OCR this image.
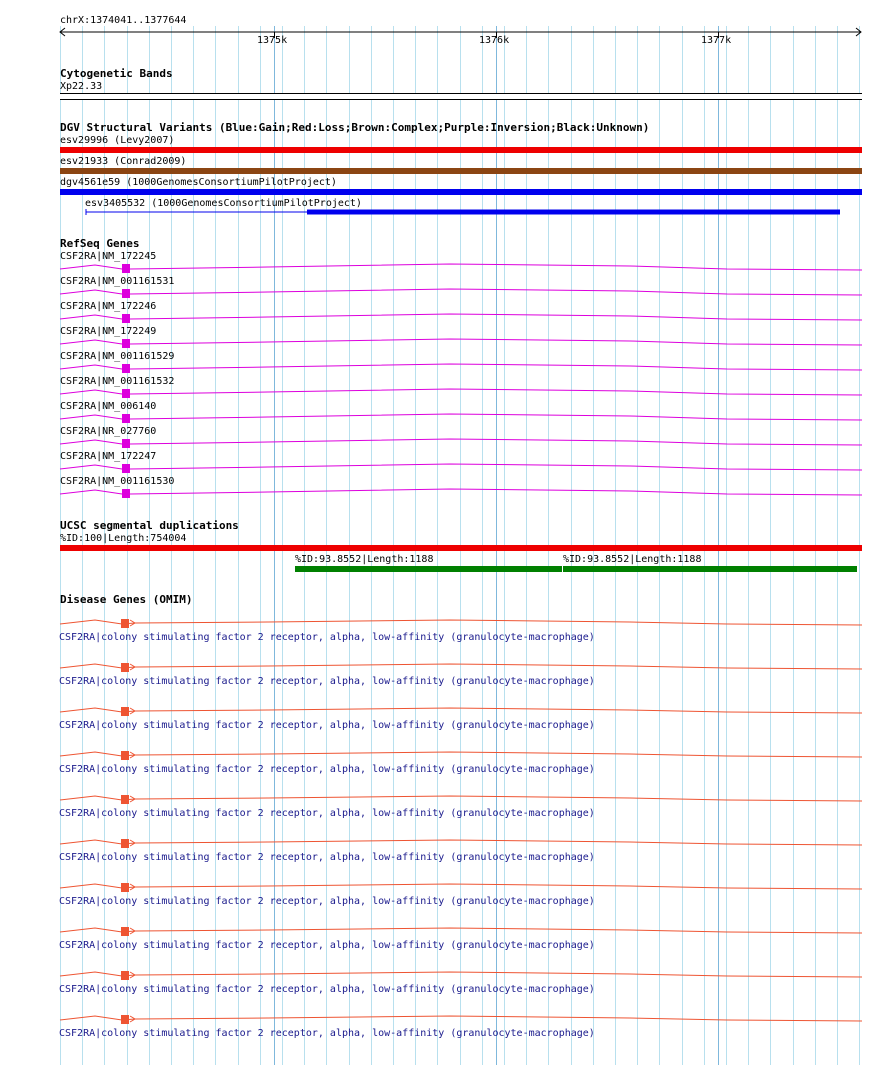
chrX:1374041..1377644
1375k	1376k	1377k
Cytogenetic Bands
Xp22.33
DGV Structural Variants (Blue:Gain;Red:Loss;Brown:Complex;Purple:Inversion;Black:Unknown)
esv29996 (Levy2007)
esv21933 (Conrad2009)
dgv4561e59 (1000GenomesConsortiumPilotProject)
esv3405532 (1000GenomesConsortiumPilotProject)
RefSeq Genes
CSF2RA|NM_172245
CSF2RA|NM_001161531
CSF2RA|NM_172246
CSF2RA|NM_172249
CSF2RA|NM_001161529
CSF2RA|NM_001161532
CSF2RA|NM_006140
CSF2RA|NR_027760
CSF2RA|NM_172247
CSF2RA|NM_001161530
UCSC segmental duplications
%ID:100|Length:754004
%ID:93.8552|Length:1188	%ID:93.8552|Length:1188
Disease Genes (OMIM)
CSF2RA|colony stimulating factor 2 receptor, alpha, low-affinity (granulocyte-macrophage)
CSF2RA|colony stimulating factor 2 receptor, alpha, low-affinity (granulocyte-macrophage)
CSF2RA|colony stimulating factor 2 receptor, alpha, low-affinity (granulocyte-macrophage)
CSF2RA|colony stimulating factor 2 receptor, alpha, low-affinity (granulocyte-macrophage)
CSF2RA|colony stimulating factor 2 receptor, alpha, low-affinity (granulocyte-macrophage)
CSF2RA|colony stimulating factor 2 receptor, alpha, low-affinity (granulocyte-macrophage)
CSF2RA|colony stimulating factor 2 receptor, alpha, low-affinity (granulocyte-macrophage)
CSF2RA|colony stimulating factor 2 receptor, alpha, low-affinity (granulocyte-macrophage)
CSF2RA|colony stimulating factor 2 receptor, alpha, low-affinity (granulocyte-macrophage)
CSF2RA|colony stimulating factor 2 receptor, alpha, low-affinity (granulocyte-macrophage)
